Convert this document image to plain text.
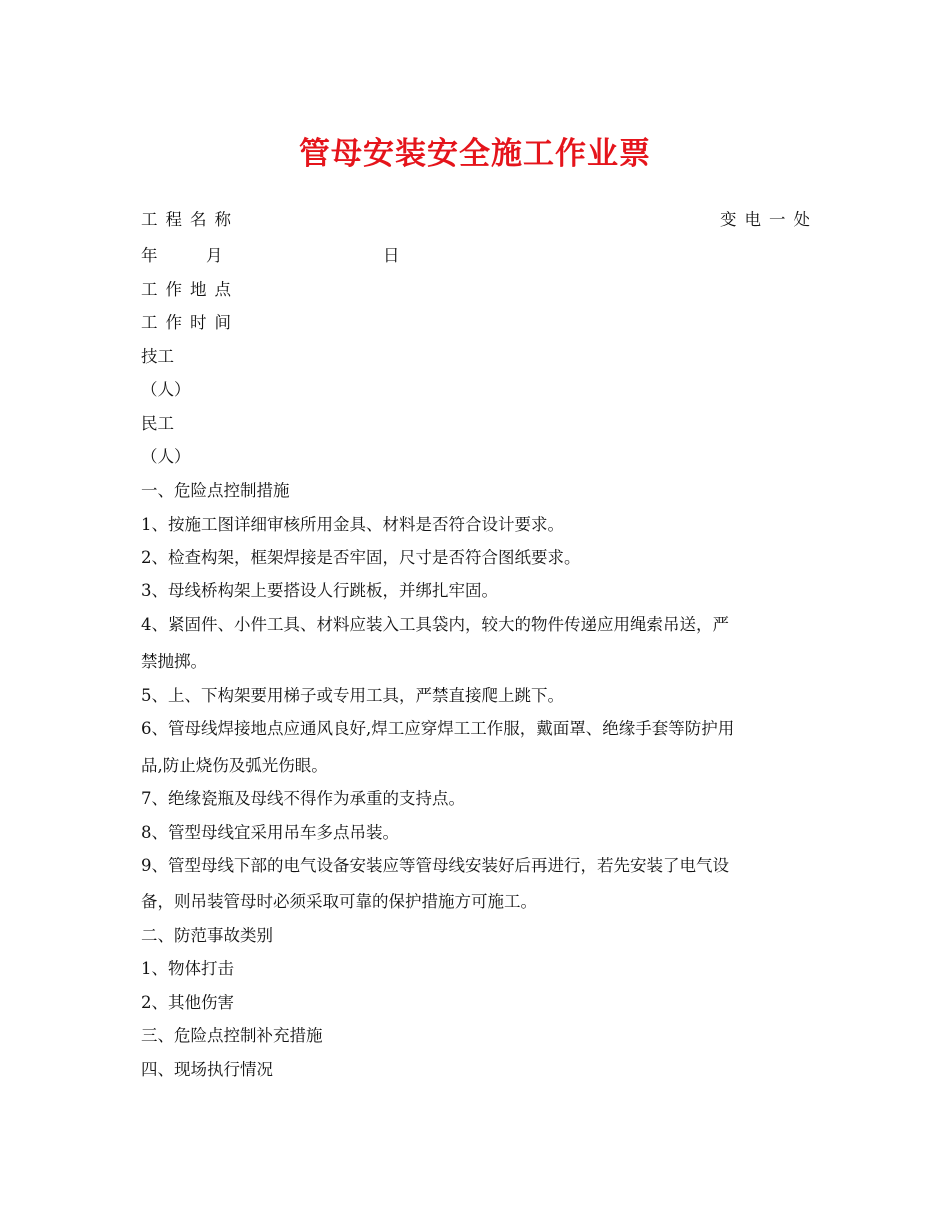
管母安装安全施工作业票
工程名称	变电一处
年	月	日
工作地点
工作时间
技工
（人）
民工
（人）
一、危险点控制措施
1、按施工图详细审核所用金具、材料是否符合设计要求。
2、检查构架，框架焊接是否牢固，尺寸是否符合图纸要求。
3、母线桥构架上要搭设人行跳板，并绑扎牢固。
4、紧固件、小件工具、材料应装入工具袋内，较大的物件传递应用绳索吊送，严
禁抛掷。
5、上、下构架要用梯子或专用工具，严禁直接爬上跳下。
6、管母线焊接地点应通风良好,焊工应穿焊工工作服，戴面罩、绝缘手套等防护用
品,防止烧伤及弧光伤眼。
7、绝缘瓷瓶及母线不得作为承重的支持点。
8、管型母线宜采用吊车多点吊装。
9、管型母线下部的电气设备安装应等管母线安装好后再进行，若先安装了电气设
备，则吊装管母时必须采取可靠的保护措施方可施工。
二、防范事故类别
1、物体打击
2、其他伤害
三、危险点控制补充措施
四、现场执行情况
